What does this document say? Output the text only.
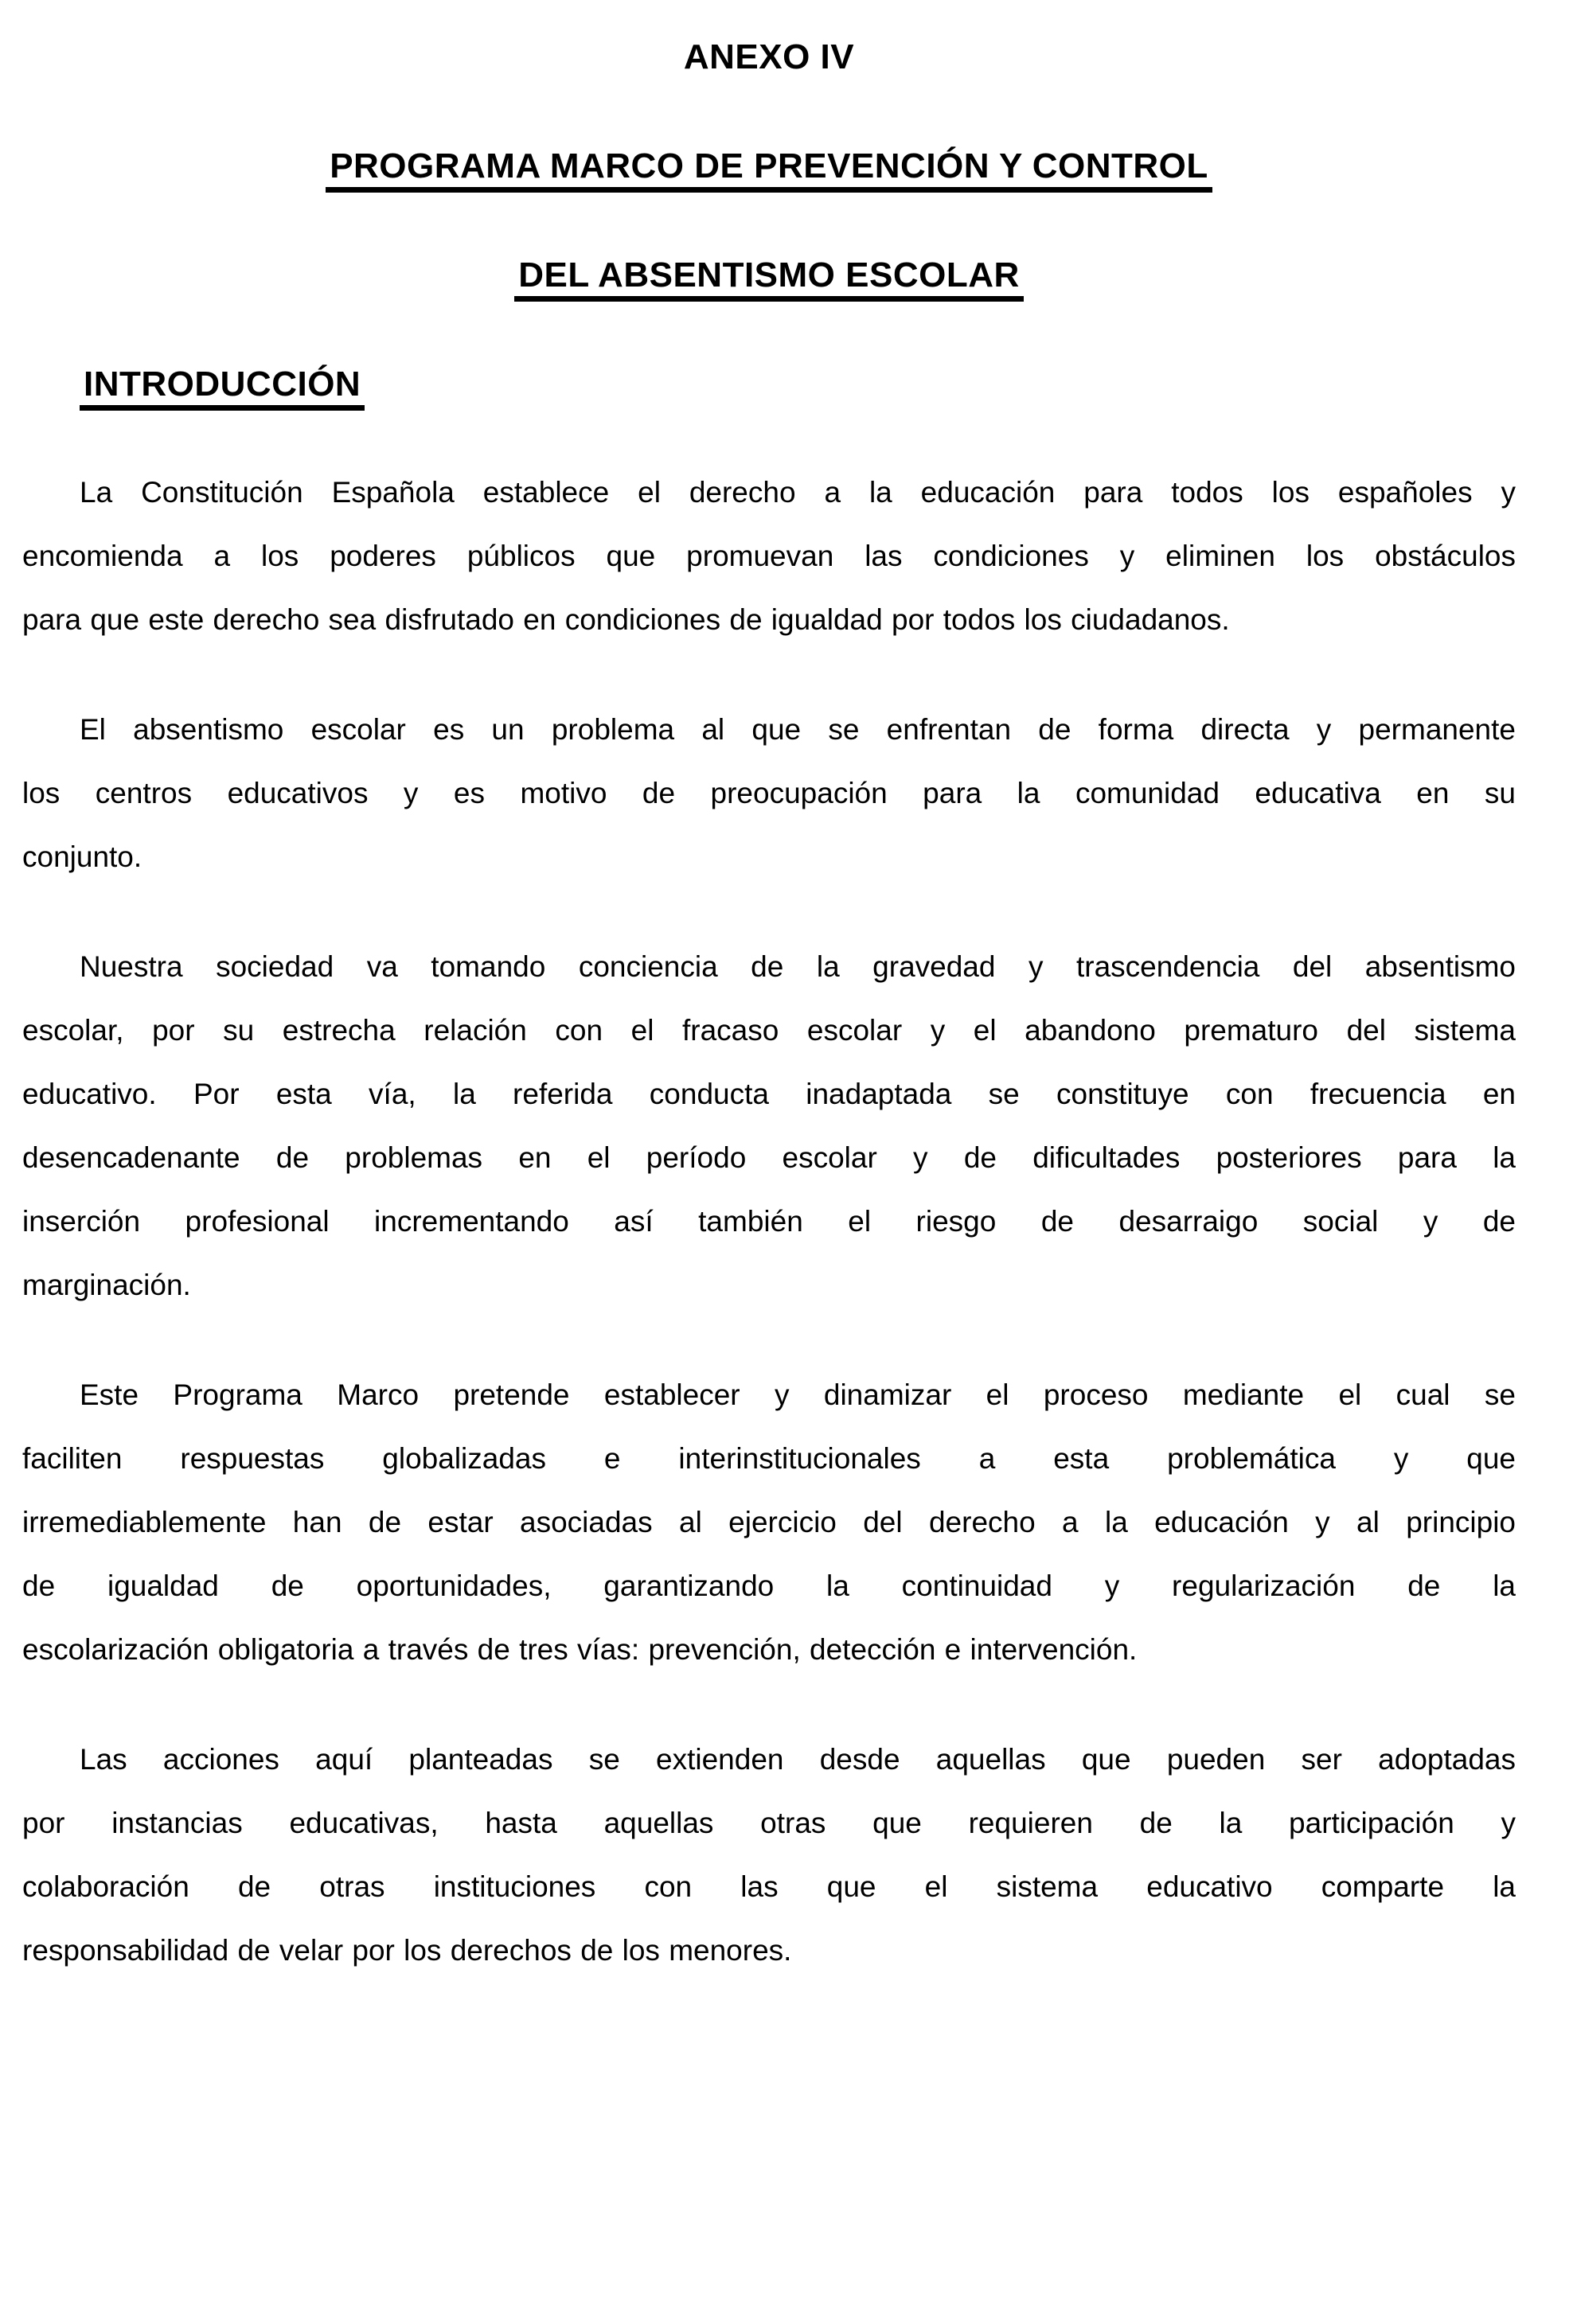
ANEXO IV
PROGRAMA MARCO DE PREVENCIÓN Y CONTROL
DEL ABSENTISMO ESCOLAR
INTRODUCCIÓN
La Constitución Española establece el derecho a la educación para todos los españoles y
encomienda a los poderes públicos que promuevan las condiciones y eliminen los obstáculos
para que este derecho sea disfrutado en condiciones de igualdad por todos los ciudadanos.
El absentismo escolar es un problema al que se enfrentan de forma directa y permanente
los centros educativos y es motivo de preocupación para la comunidad educativa en su
conjunto.
Nuestra sociedad va tomando conciencia de la gravedad y trascendencia del absentismo
escolar, por su estrecha relación con el fracaso escolar y el abandono prematuro del sistema
educativo. Por esta vía, la referida conducta inadaptada se constituye con frecuencia en
desencadenante de problemas en el período escolar y de dificultades posteriores para la
inserción profesional incrementando así también el riesgo de desarraigo social y de
marginación.
Este Programa Marco pretende establecer y dinamizar el proceso mediante el cual se
faciliten respuestas globalizadas e interinstitucionales a esta problemática y que
irremediablemente han de estar asociadas al ejercicio del derecho a la educación y al principio
de igualdad de oportunidades, garantizando la continuidad y regularización de la
escolarización obligatoria a través de tres vías: prevención, detección e intervención.
Las acciones aquí planteadas se extienden desde aquellas que pueden ser adoptadas
por instancias educativas, hasta aquellas otras que requieren de la participación y
colaboración de otras instituciones con las que el sistema educativo comparte la
responsabilidad de velar por los derechos de los menores.
